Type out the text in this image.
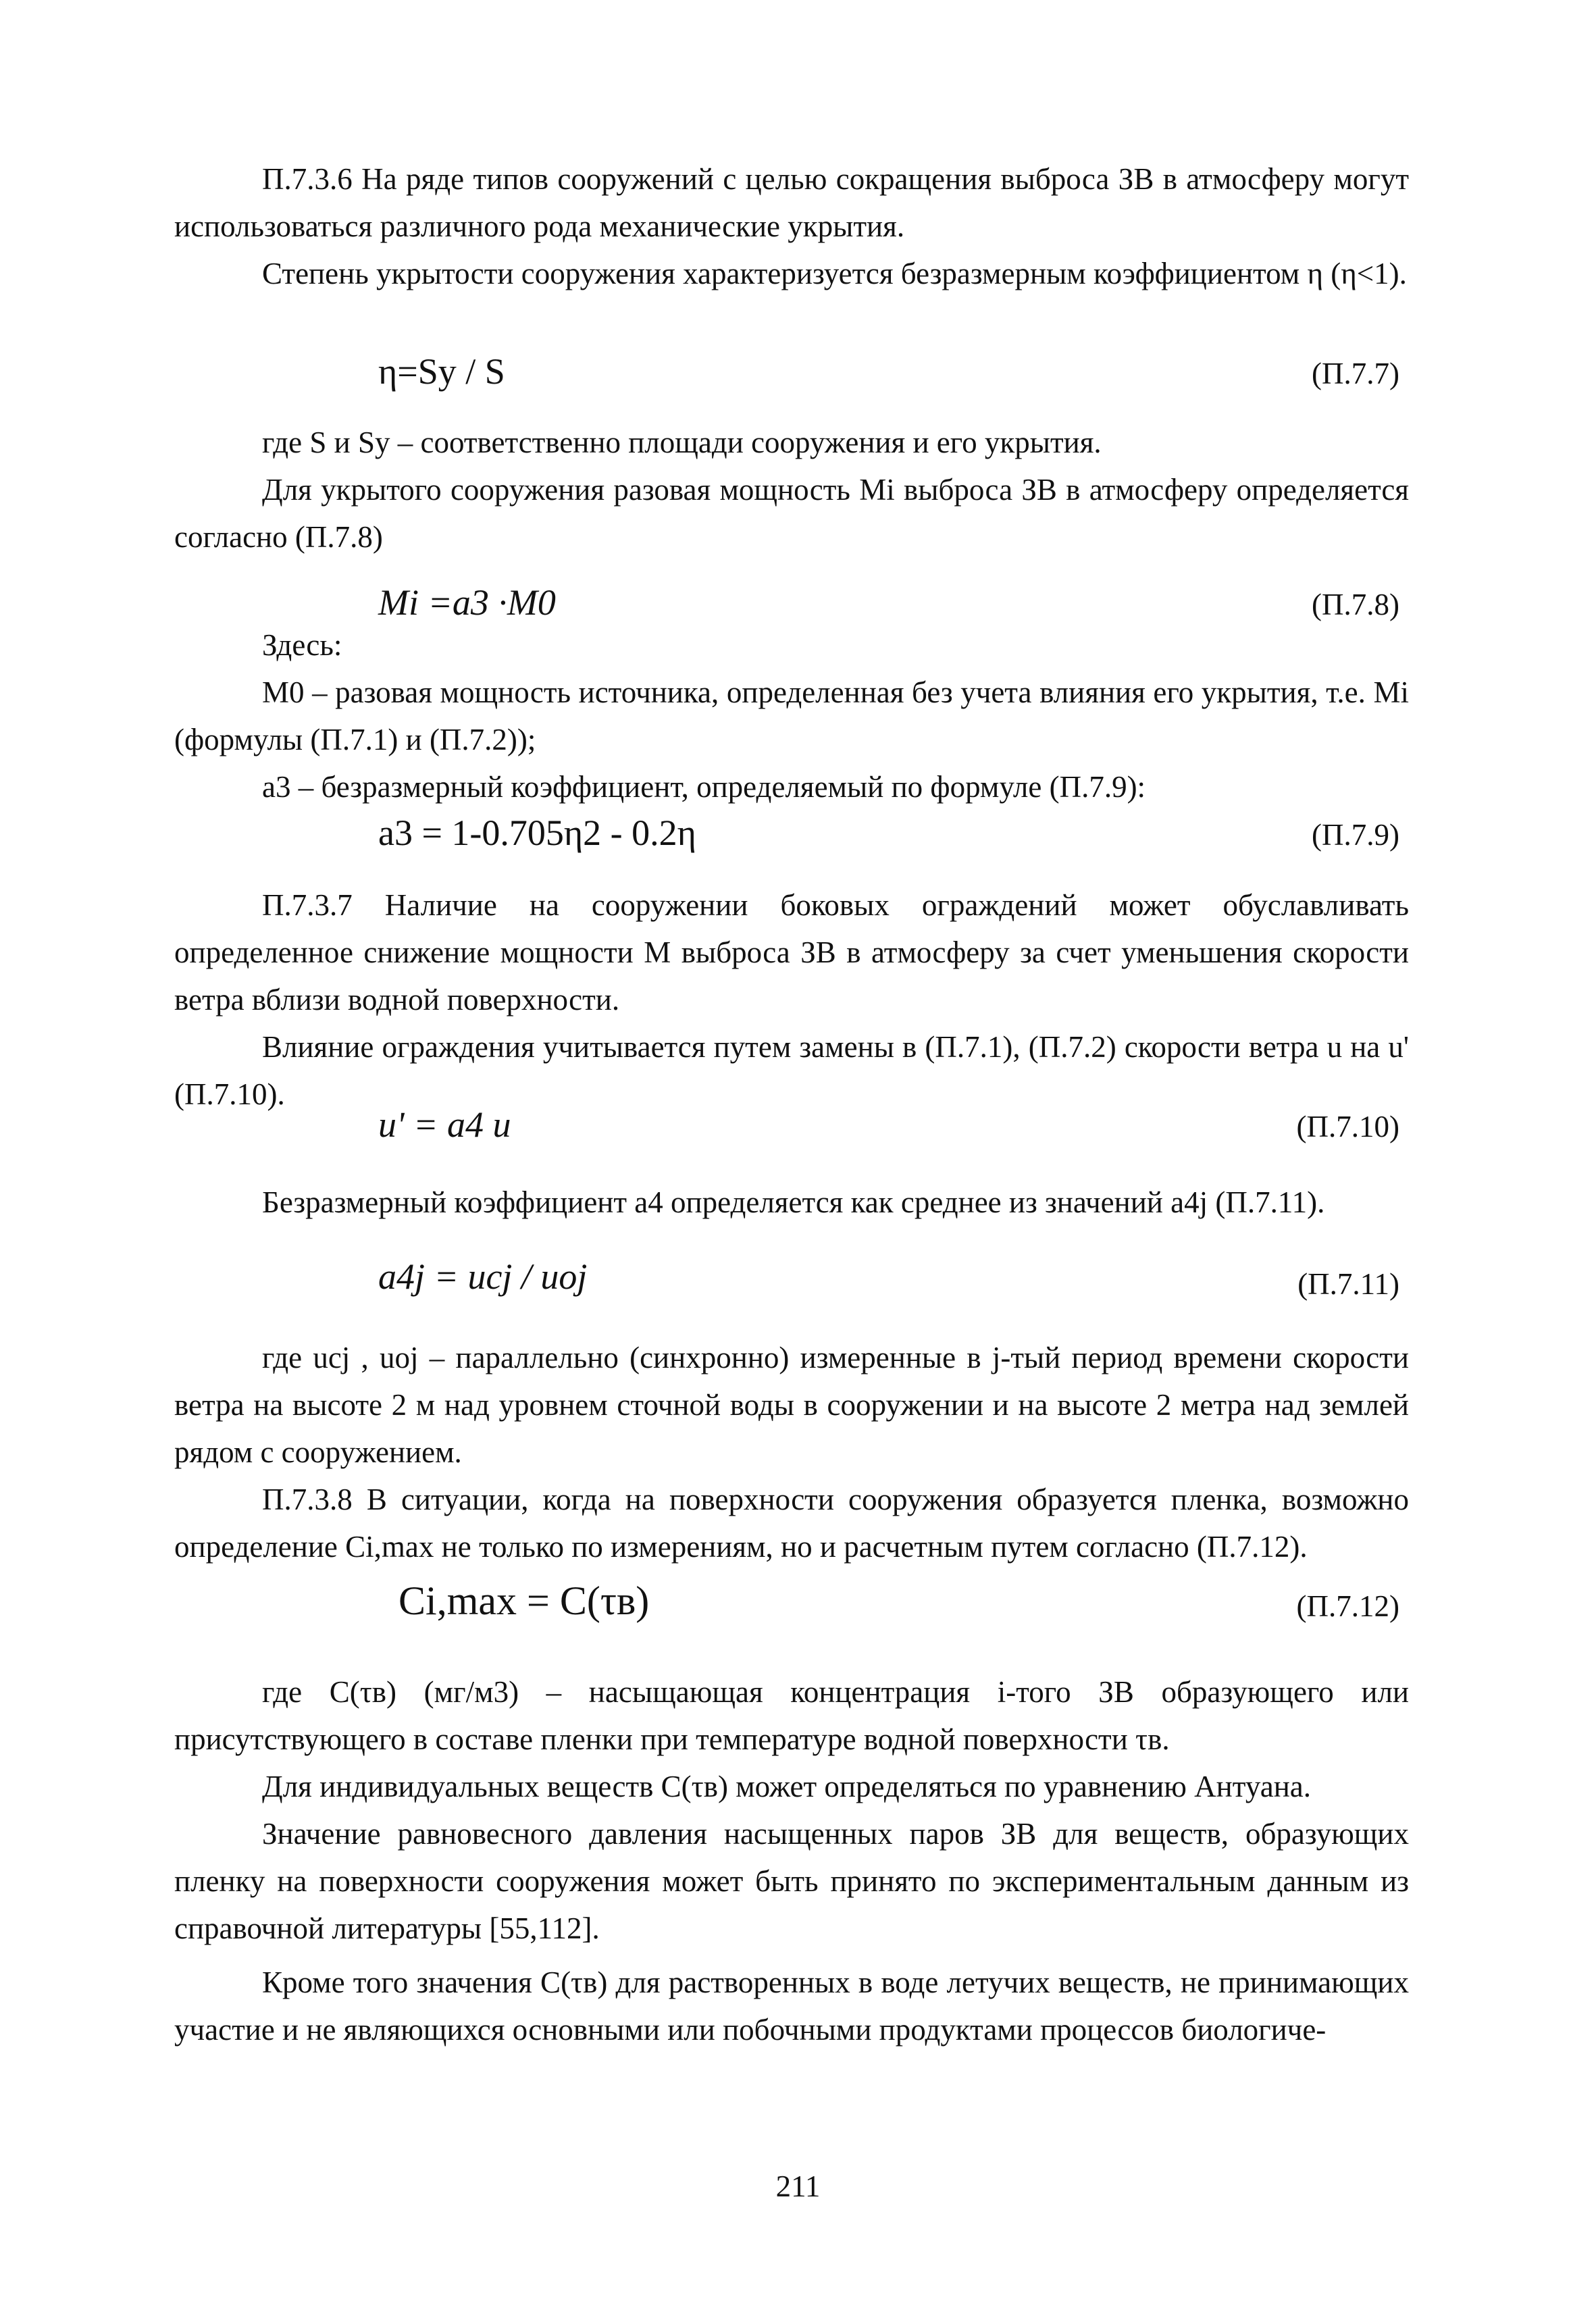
П.7.3.6 На ряде типов сооружений с целью сокращения выброса ЗВ в атмосферу могут использоваться различного рода механические укрытия.

Степень укрытости сооружения характеризуется безразмерным коэффициентом η (η<1).

η=Sу / S	(П.7.7)

где S и Sу – соответственно площади сооружения и его укрытия.

Для укрытого сооружения разовая мощность Mi выброса ЗВ в атмосферу определяется согласно (П.7.8)

Mi =a3 ·M0	(П.7.8)

Здесь:

M0 – разовая мощность источника, определенная без учета влияния его укрытия, т.е. Mi (формулы (П.7.1) и (П.7.2));

a3 – безразмерный коэффициент, определяемый по формуле (П.7.9):

a3 = 1-0.705η2 - 0.2η	(П.7.9)

П.7.3.7 Наличие на сооружении боковых ограждений может обуславливать определенное снижение мощности M выброса ЗВ в атмосферу за счет уменьшения скорости ветра вблизи водной поверхности.

Влияние ограждения учитывается путем замены в (П.7.1), (П.7.2) скорости ветра u на u' (П.7.10).

u' = a4 u	(П.7.10)

Безразмерный коэффициент a4 определяется как среднее из значений a4j (П.7.11).

a4j = ucj / uoj	(П.7.11)

где ucj , uoj – параллельно (синхронно) измеренные в j-тый период времени скорости ветра на высоте 2 м над уровнем сточной воды в сооружении и на высоте 2 метра над землей рядом с сооружением.

П.7.3.8 В ситуации, когда на поверхности сооружения образуется пленка, возможно определение Ci,max не только по измерениям, но и расчетным путем согласно (П.7.12).

Ci,max = C(τв)	(П.7.12)

где C(τв) (мг/м3) – насыщающая концентрация i-того ЗВ образующего или присутствующего в составе пленки при температуре водной поверхности τв.

Для индивидуальных веществ C(τв) может определяться по уравнению Антуана.

Значение равновесного давления насыщенных паров ЗВ для веществ, образующих пленку на поверхности сооружения может быть принято по экспериментальным данным из справочной литературы [55,112].

Кроме того значения C(τв) для растворенных в воде летучих веществ, не принимающих участие и не являющихся основными или побочными продуктами процессов биологиче-

211
